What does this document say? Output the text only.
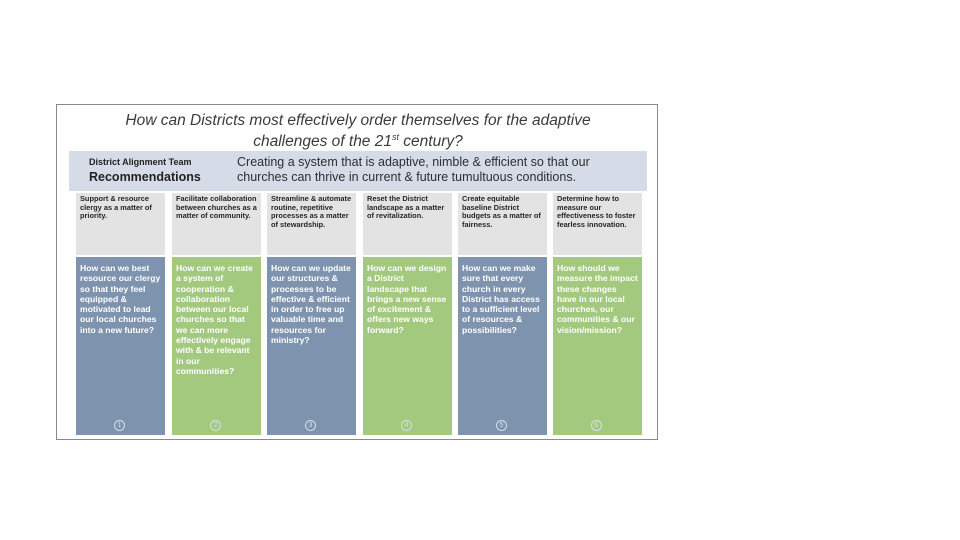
How can Districts most effectively order themselves for the adaptive
challenges of the 21st century?
District Alignment Team
Recommendations
Creating a system that is adaptive, nimble & efficient so that our churches can thrive in current & future tumultuous conditions.
Support & resource clergy as a matter of priority.
How can we best resource our clergy so that they feel equipped & motivated to lead our local churches into a new future?
1
Facilitate collaboration between churches as a matter of community.
How can we create a system of cooperation & collaboration between our local churches so that we can more effectively engage with & be relevant in our communities?
2
Streamline & automate routine, repetitive processes as a matter of stewardship.
How can we update our structures & processes to be effective & efficient in order to free up valuable time and resources for ministry?
3
Reset the District landscape as a matter of revitalization.
How can we design a District landscape that brings a new sense of excitement & offers new ways forward?
4
Create equitable baseline District budgets as a matter of fairness.
How can we make sure that every church in every District has access to a sufficient level of resources & possibilities?
5
Determine how to measure our effectiveness to foster fearless innovation.
How should we measure the impact these changes have in our local churches, our communities & our vision/mission?
6
